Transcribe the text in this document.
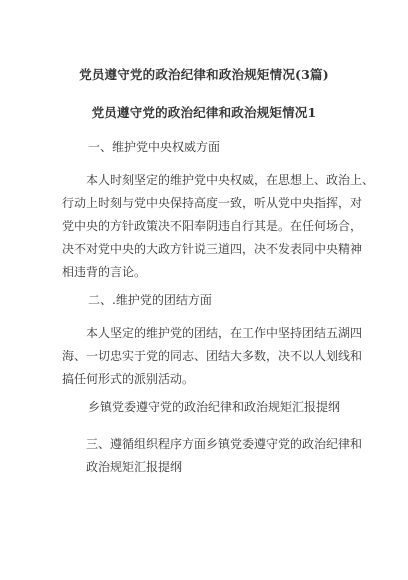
党员遵守党的政治纪律和政治规矩情况(3篇)
党员遵守党的政治纪律和政治规矩情况1
一、维护党中央权威方面
本人时刻坚定的维护党中央权威，在思想上、政治上、
行动上时刻与党中央保持高度一致，听从党中央指挥，对
党中央的方针政策决不阳奉阴违自行其是。在任何场合，
决不对党中央的大政方针说三道四，决不发表同中央精神
相违背的言论。
二、.维护党的团结方面
本人坚定的维护党的团结，在工作中坚持团结五湖四
海、一切忠实于党的同志、团结大多数，决不以人划线和
搞任何形式的派别活动。
乡镇党委遵守党的政治纪律和政治规矩汇报提纲
三、遵循组织程序方面乡镇党委遵守党的政治纪律和
政治规矩汇报提纲
